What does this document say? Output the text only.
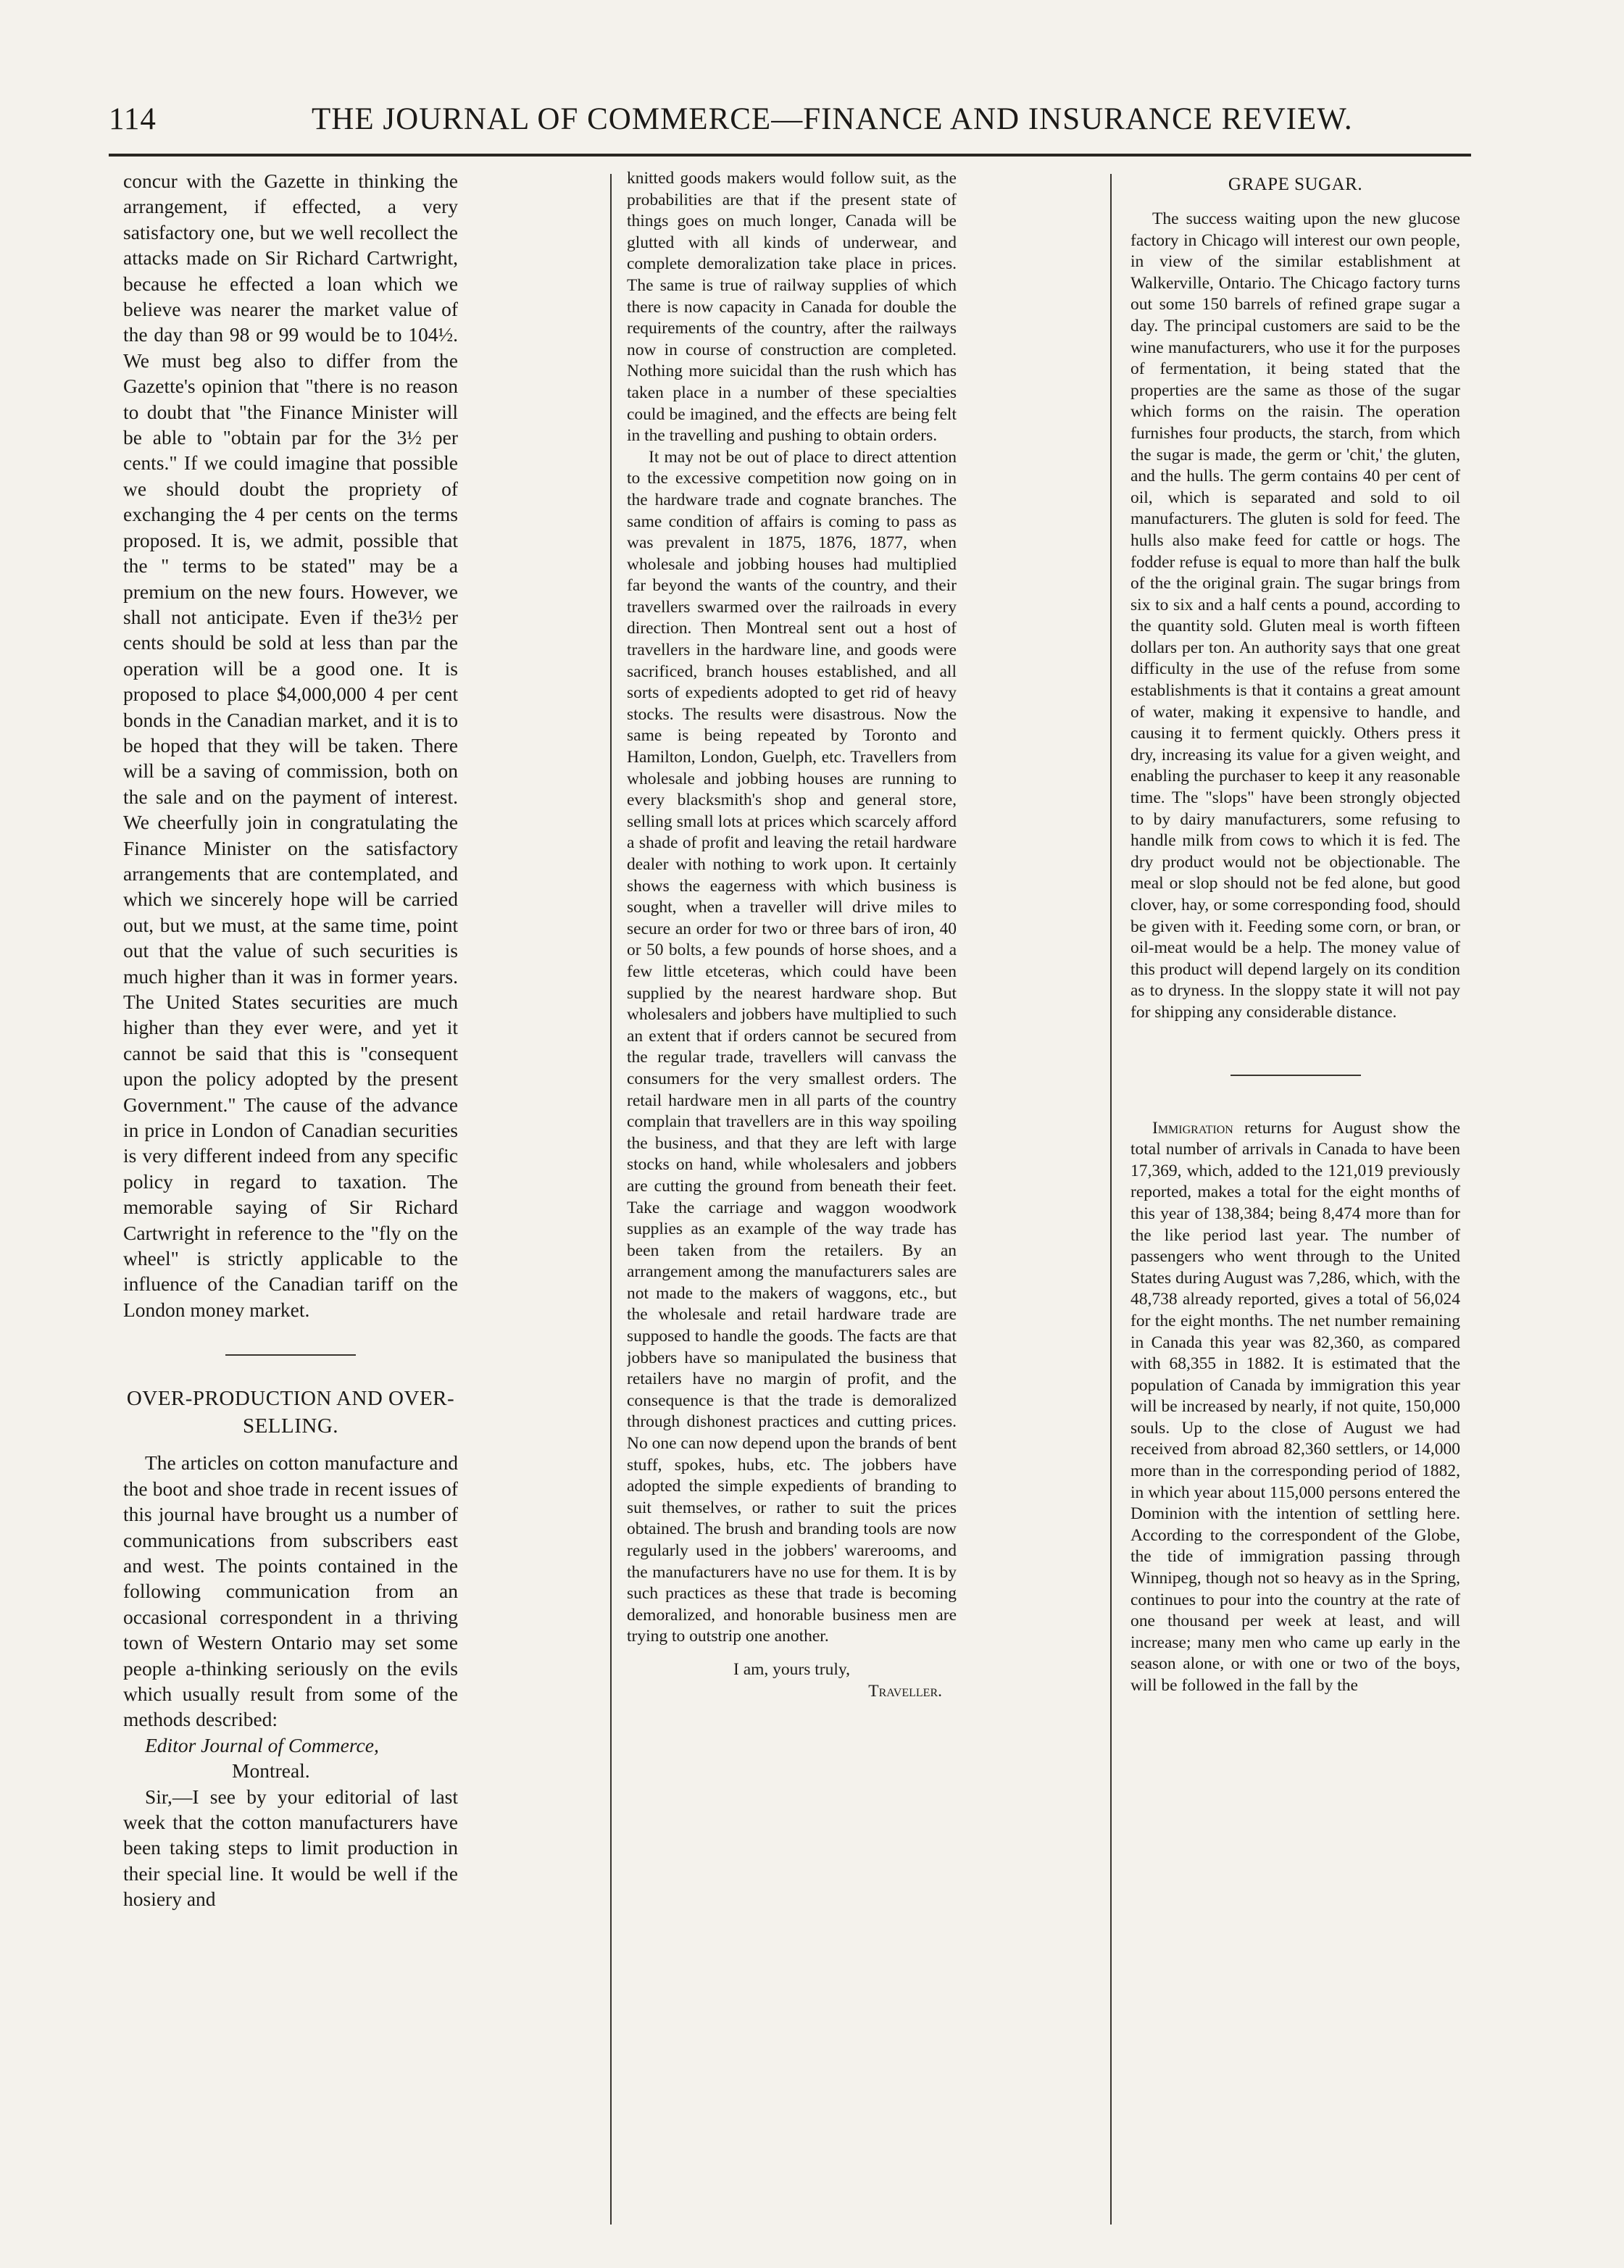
114	THE JOURNAL OF COMMERCE—FINANCE AND INSURANCE REVIEW.

concur with the Gazette in thinking the arrangement, if effected, a very satisfactory one, but we well recollect the attacks made on Sir Richard Cartwright, because he effected a loan which we believe was nearer the market value of the day than 98 or 99 would be to 104½. We must beg also to differ from the Gazette's opinion that "there is no reason to doubt that "the Finance Minister will be able to "obtain par for the 3½ per cents." If we could imagine that possible we should doubt the propriety of exchanging the 4 per cents on the terms proposed. It is, we admit, possible that the " terms to be stated" may be a premium on the new fours. However, we shall not anticipate. Even if the3½ per cents should be sold at less than par the operation will be a good one. It is proposed to place $4,000,000 4 per cent bonds in the Canadian market, and it is to be hoped that they will be taken. There will be a saving of commission, both on the sale and on the payment of interest. We cheerfully join in congratulating the Finance Minister on the satisfactory arrangements that are contemplated, and which we sincerely hope will be carried out, but we must, at the same time, point out that the value of such securities is much higher than it was in former years. The United States securities are much higher than they ever were, and yet it cannot be said that this is "consequent upon the policy adopted by the present Government." The cause of the advance in price in London of Canadian securities is very different indeed from any specific policy in regard to taxation. The memorable saying of Sir Richard Cartwright in reference to the "fly on the wheel" is strictly applicable to the influence of the Canadian tariff on the London money market.

OVER-PRODUCTION AND OVER-SELLING.

The articles on cotton manufacture and the boot and shoe trade in recent issues of this journal have brought us a number of communications from subscribers east and west. The points contained in the following communication from an occasional correspondent in a thriving town of Western Ontario may set some people a-thinking seriously on the evils which usually result from some of the methods described:

Editor Journal of Commerce,

Montreal.

Sir,—I see by your editorial of last week that the cotton manufacturers have been taking steps to limit production in their special line. It would be well if the hosiery and

knitted goods makers would follow suit, as the probabilities are that if the present state of things goes on much longer, Canada will be glutted with all kinds of underwear, and complete demoralization take place in prices. The same is true of railway supplies of which there is now capacity in Canada for double the requirements of the country, after the railways now in course of construction are completed. Nothing more suicidal than the rush which has taken place in a number of these specialties could be imagined, and the effects are being felt in the travelling and pushing to obtain orders.

It may not be out of place to direct attention to the excessive competition now going on in the hardware trade and cognate branches. The same condition of affairs is coming to pass as was prevalent in 1875, 1876, 1877, when wholesale and jobbing houses had multiplied far beyond the wants of the country, and their travellers swarmed over the railroads in every direction. Then Montreal sent out a host of travellers in the hardware line, and goods were sacrificed, branch houses established, and all sorts of expedients adopted to get rid of heavy stocks. The results were disastrous. Now the same is being repeated by Toronto and Hamilton, London, Guelph, etc. Travellers from wholesale and jobbing houses are running to every blacksmith's shop and general store, selling small lots at prices which scarcely afford a shade of profit and leaving the retail hardware dealer with nothing to work upon. It certainly shows the eagerness with which business is sought, when a traveller will drive miles to secure an order for two or three bars of iron, 40 or 50 bolts, a few pounds of horse shoes, and a few little etceteras, which could have been supplied by the nearest hardware shop. But wholesalers and jobbers have multiplied to such an extent that if orders cannot be secured from the regular trade, travellers will canvass the consumers for the very smallest orders. The retail hardware men in all parts of the country complain that travellers are in this way spoiling the business, and that they are left with large stocks on hand, while wholesalers and jobbers are cutting the ground from beneath their feet. Take the carriage and waggon woodwork supplies as an example of the way trade has been taken from the retailers. By an arrangement among the manufacturers sales are not made to the makers of waggons, etc., but the wholesale and retail hardware trade are supposed to handle the goods. The facts are that jobbers have so manipulated the business that retailers have no margin of profit, and the consequence is that the trade is demoralized through dishonest practices and cutting prices. No one can now depend upon the brands of bent stuff, spokes, hubs, etc. The jobbers have adopted the simple expedients of branding to suit themselves, or rather to suit the prices obtained. The brush and branding tools are now regularly used in the jobbers' warerooms, and the manufacturers have no use for them. It is by such practices as these that trade is becoming demoralized, and honorable business men are trying to outstrip one another.

I am, yours truly,

Traveller.

GRAPE SUGAR.

The success waiting upon the new glucose factory in Chicago will interest our own people, in view of the similar establishment at Walkerville, Ontario. The Chicago factory turns out some 150 barrels of refined grape sugar a day. The principal customers are said to be the wine manufacturers, who use it for the purposes of fermentation, it being stated that the properties are the same as those of the sugar which forms on the raisin. The operation furnishes four products, the starch, from which the sugar is made, the germ or 'chit,' the gluten, and the hulls. The germ contains 40 per cent of oil, which is separated and sold to oil manufacturers. The gluten is sold for feed. The hulls also make feed for cattle or hogs. The fodder refuse is equal to more than half the bulk of the the original grain. The sugar brings from six to six and a half cents a pound, according to the quantity sold. Gluten meal is worth fifteen dollars per ton. An authority says that one great difficulty in the use of the refuse from some establishments is that it contains a great amount of water, making it expensive to handle, and causing it to ferment quickly. Others press it dry, increasing its value for a given weight, and enabling the purchaser to keep it any reasonable time. The "slops" have been strongly objected to by dairy manufacturers, some refusing to handle milk from cows to which it is fed. The dry product would not be objectionable. The meal or slop should not be fed alone, but good clover, hay, or some corresponding food, should be given with it. Feeding some corn, or bran, or oil-meat would be a help. The money value of this product will depend largely on its condition as to dryness. In the sloppy state it will not pay for shipping any considerable distance.

Immigration returns for August show the total number of arrivals in Canada to have been 17,369, which, added to the 121,019 previously reported, makes a total for the eight months of this year of 138,384; being 8,474 more than for the like period last year. The number of passengers who went through to the United States during August was 7,286, which, with the 48,738 already reported, gives a total of 56,024 for the eight months. The net number remaining in Canada this year was 82,360, as compared with 68,355 in 1882. It is estimated that the population of Canada by immigration this year will be increased by nearly, if not quite, 150,000 souls. Up to the close of August we had received from abroad 82,360 settlers, or 14,000 more than in the corresponding period of 1882, in which year about 115,000 persons entered the Dominion with the intention of settling here. According to the correspondent of the Globe, the tide of immigration passing through Winnipeg, though not so heavy as in the Spring, continues to pour into the country at the rate of one thousand per week at least, and will increase; many men who came up early in the season alone, or with one or two of the boys, will be followed in the fall by the
